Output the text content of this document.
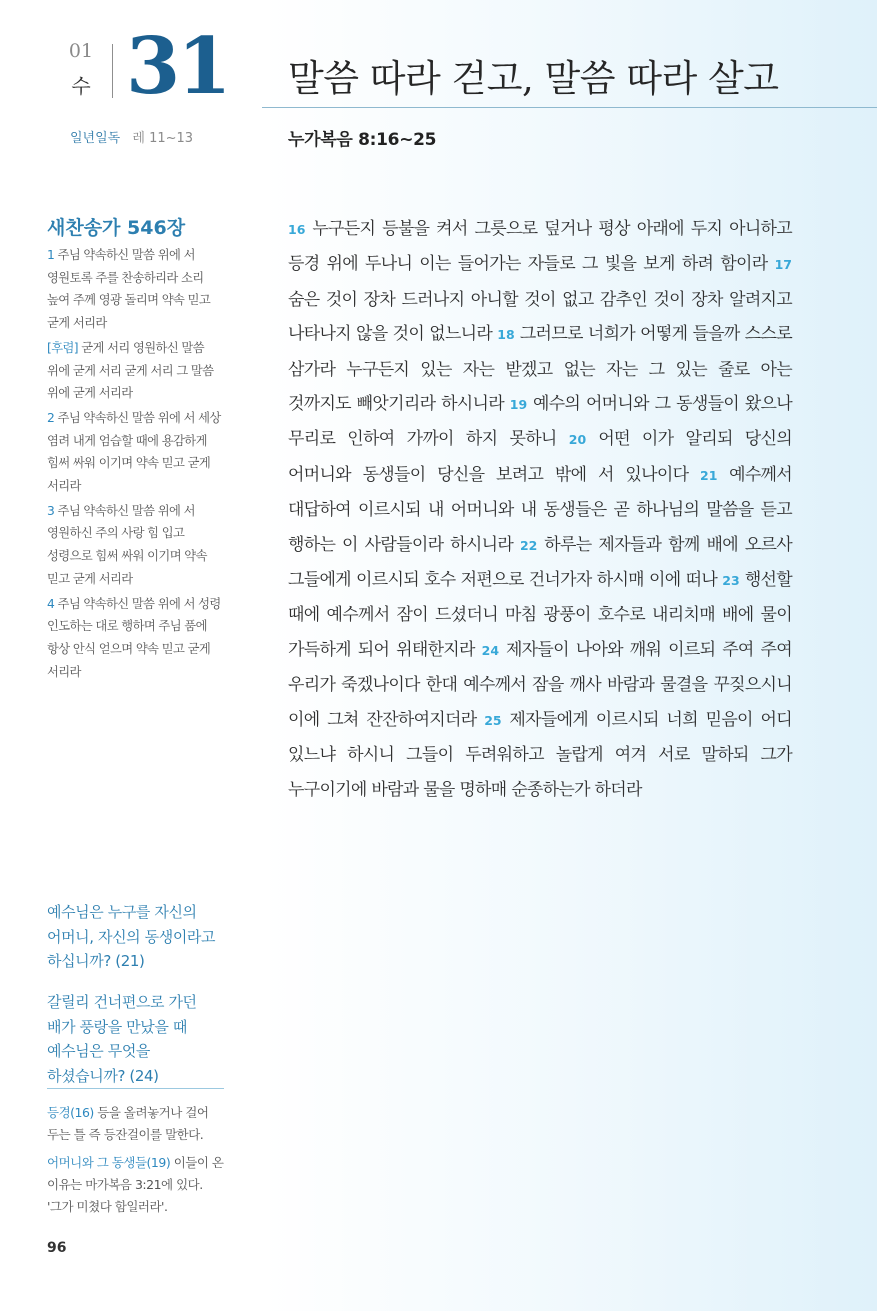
01
수 31 말씀 따라 걷고, 말씀 따라 살고
일년일독 레 11~13	누가복음 8:16~25
새찬송가 546장

1 주님 약속하신 말씀 위에 서 영원토록 주를 찬송하리라 소리 높여 주께 영광 돌리며 약속 믿고 굳게 서리라

[후렴] 굳게 서리 영원하신 말씀 위에 굳게 서리 굳게 서리 그 말씀 위에 굳게 서리라

2 주님 약속하신 말씀 위에 서 세상 염려 내게 엄습할 때에 용감하게 힘써 싸워 이기며 약속 믿고 굳게 서리라

3 주님 약속하신 말씀 위에 서 영원하신 주의 사랑 힘 입고 성령으로 힘써 싸워 이기며 약속 믿고 굳게 서리라

4 주님 약속하신 말씀 위에 서 성령 인도하는 대로 행하며 주님 품에 항상 안식 얻으며 약속 믿고 굳게 서리라

16 누구든지 등불을 켜서 그릇으로 덮거나 평상 아래에 두지 아니하고 등경 위에 두나니 이는 들어가는 자들로 그 빛을 보게 하려 함이라 17 숨은 것이 장차 드러나지 아니할 것이 없고 감추인 것이 장차 알려지고 나타나지 않을 것이 없느니라 18 그러므로 너희가 어떻게 들을까 스스로 삼가라 누구든지 있는 자는 받겠고 없는 자는 그 있는 줄로 아는 것까지도 빼앗기리라 하시니라 19 예수의 어머니와 그 동생들이 왔으나 무리로 인하여 가까이 하지 못하니 20 어떤 이가 알리되 당신의 어머니와 동생들이 당신을 보려고 밖에 서 있나이다 21 예수께서 대답하여 이르시되 내 어머니와 내 동생들은 곧 하나님의 말씀을 듣고 행하는 이 사람들이라 하시니라 22 하루는 제자들과 함께 배에 오르사 그들에게 이르시되 호수 저편으로 건너가자 하시매 이에 떠나 23 행선할 때에 예수께서 잠이 드셨더니 마침 광풍이 호수로 내리치매 배에 물이 가득하게 되어 위태한지라 24 제자들이 나아와 깨워 이르되 주여 주여 우리가 죽겠나이다 한대 예수께서 잠을 깨사 바람과 물결을 꾸짖으시니 이에 그쳐 잔잔하여지더라 25 제자들에게 이르시되 너희 믿음이 어디 있느냐 하시니 그들이 두려워하고 놀랍게 여겨 서로 말하되 그가 누구이기에 바람과 물을 명하매 순종하는가 하더라
예수님은 누구를 자신의 어머니, 자신의 동생이라고 하십니까? (21)
갈릴리 건너편으로 가던 배가 풍랑을 만났을 때 예수님은 무엇을 하셨습니까? (24)

등경(16) 등을 올려놓거나 걸어 두는 틀 즉 등잔걸이를 말한다.

어머니와 그 동생들(19) 이들이 온 이유는 마가복음 3:21에 있다. '그가 미쳤다 함일러라'.

96
